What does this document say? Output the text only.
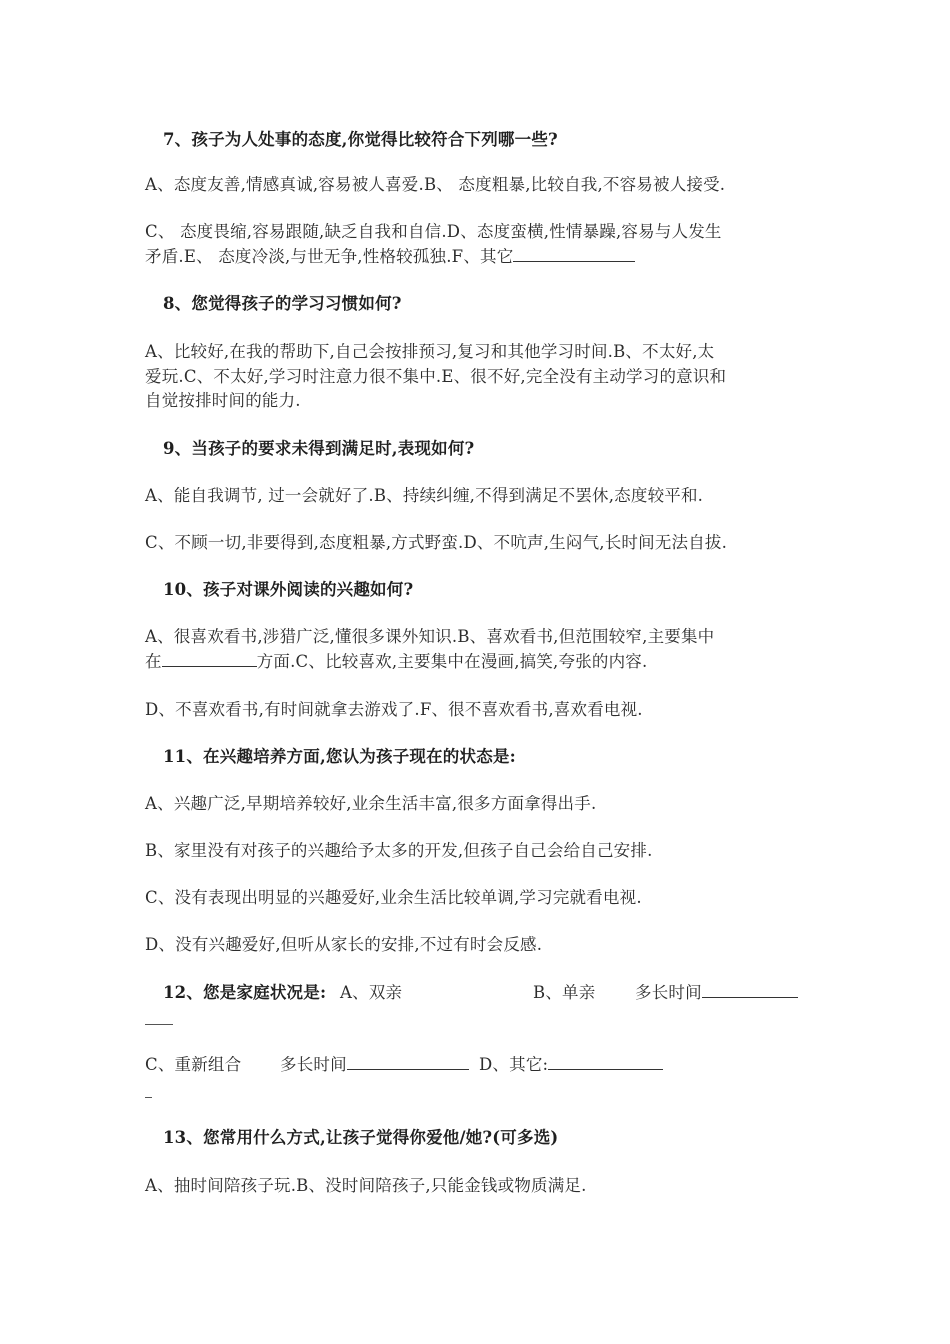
7、孩子为人处事的态度,你觉得比较符合下列哪一些?
A、态度友善,情感真诚,容易被人喜爱.B、 态度粗暴,比较自我,不容易被人接受.
C、 态度畏缩,容易跟随,缺乏自我和自信.D、态度蛮横,性情暴躁,容易与人发生
矛盾.E、 态度冷淡,与世无争,性格较孤独.F、其它
8、您觉得孩子的学习习惯如何?
A、比较好,在我的帮助下,自己会按排预习,复习和其他学习时间.B、不太好,太
爱玩.C、不太好,学习时注意力很不集中.E、很不好,完全没有主动学习的意识和
自觉按排时间的能力.
9、当孩子的要求未得到满足时,表现如何?
A、能自我调节, 过一会就好了.B、持续纠缠,不得到满足不罢休,态度较平和.
C、不顾一切,非要得到,态度粗暴,方式野蛮.D、不吭声,生闷气,长时间无法自拔.
10、孩子对课外阅读的兴趣如何?
A、很喜欢看书,涉猎广泛,懂很多课外知识.B、喜欢看书,但范围较窄,主要集中
在	方面.C、比较喜欢,主要集中在漫画,搞笑,夸张的内容.
D、不喜欢看书,有时间就拿去游戏了.F、很不喜欢看书,喜欢看电视.
11、在兴趣培养方面,您认为孩子现在的状态是:
A、兴趣广泛,早期培养较好,业余生活丰富,很多方面拿得出手.
B、家里没有对孩子的兴趣给予太多的开发,但孩子自己会给自己安排.
C、没有表现出明显的兴趣爱好,业余生活比较单调,学习完就看电视.
D、没有兴趣爱好,但听从家长的安排,不过有时会反感.
12、您是家庭状况是: A、双亲	B、单亲	多长时间
C、重新组合	多长时间	D、其它:
13、您常用什么方式,让孩子觉得你爱他/她?(可多选)
A、抽时间陪孩子玩.B、没时间陪孩子,只能金钱或物质满足.
